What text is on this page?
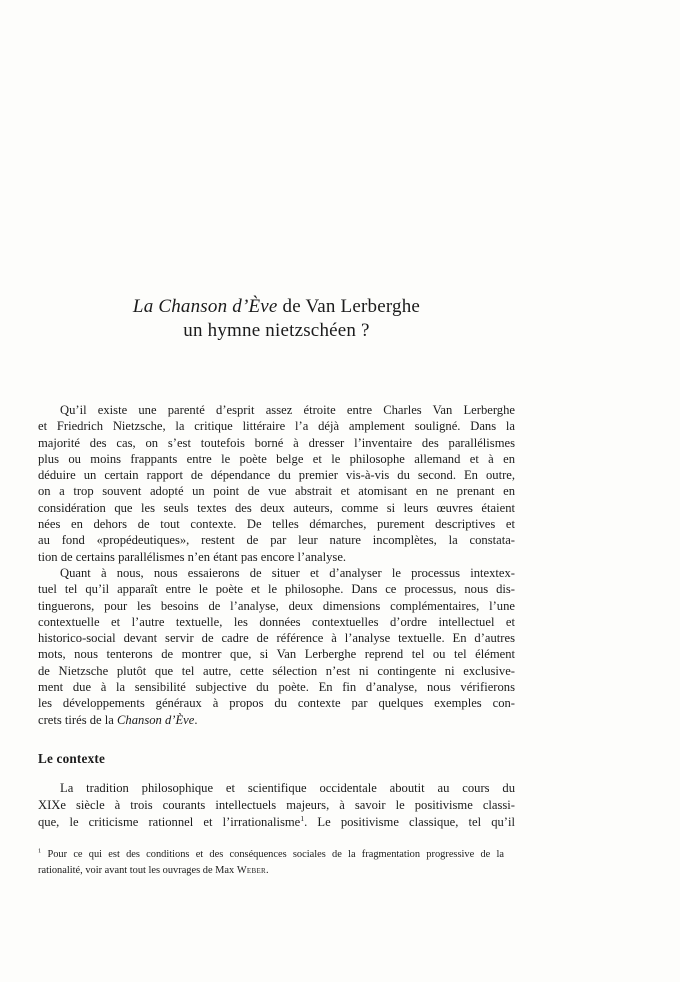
La Chanson d’Ève de Van Lerberghe
un hymne nietzschéen ?
Qu’il existe une parenté d’esprit assez étroite entre Charles Van Lerberghe
et Friedrich Nietzsche, la critique littéraire l’a déjà amplement souligné. Dans la
majorité des cas, on s’est toutefois borné à dresser l’inventaire des parallélismes
plus ou moins frappants entre le poète belge et le philosophe allemand et à en
déduire un certain rapport de dépendance du premier vis-à-vis du second. En outre,
on a trop souvent adopté un point de vue abstrait et atomisant en ne prenant en
considération que les seuls textes des deux auteurs, comme si leurs œuvres étaient
nées en dehors de tout contexte. De telles démarches, purement descriptives et
au fond «propédeutiques», restent de par leur nature incomplètes, la constata-
tion de certains parallélismes n’en étant pas encore l’analyse.
Quant à nous, nous essaierons de situer et d’analyser le processus intextex-
tuel tel qu’il apparaît entre le poète et le philosophe. Dans ce processus, nous dis-
tinguerons, pour les besoins de l’analyse, deux dimensions complémentaires, l’une
contextuelle et l’autre textuelle, les données contextuelles d’ordre intellectuel et
historico-social devant servir de cadre de référence à l’analyse textuelle. En d’autres
mots, nous tenterons de montrer que, si Van Lerberghe reprend tel ou tel élément
de Nietzsche plutôt que tel autre, cette sélection n’est ni contingente ni exclusive-
ment due à la sensibilité subjective du poète. En fin d’analyse, nous vérifierons
les développements généraux à propos du contexte par quelques exemples con-
crets tirés de la Chanson d’Ève.
Le contexte
La tradition philosophique et scientifique occidentale aboutit au cours du
XIXe siècle à trois courants intellectuels majeurs, à savoir le positivisme classi-
que, le criticisme rationnel et l’irrationalisme$^1$. Le positivisme classique, tel qu’il
$^1$ Pour ce qui est des conditions et des conséquences sociales de la fragmentation progressive de la
rationalité, voir avant tout les ouvrages de Max Weber.
